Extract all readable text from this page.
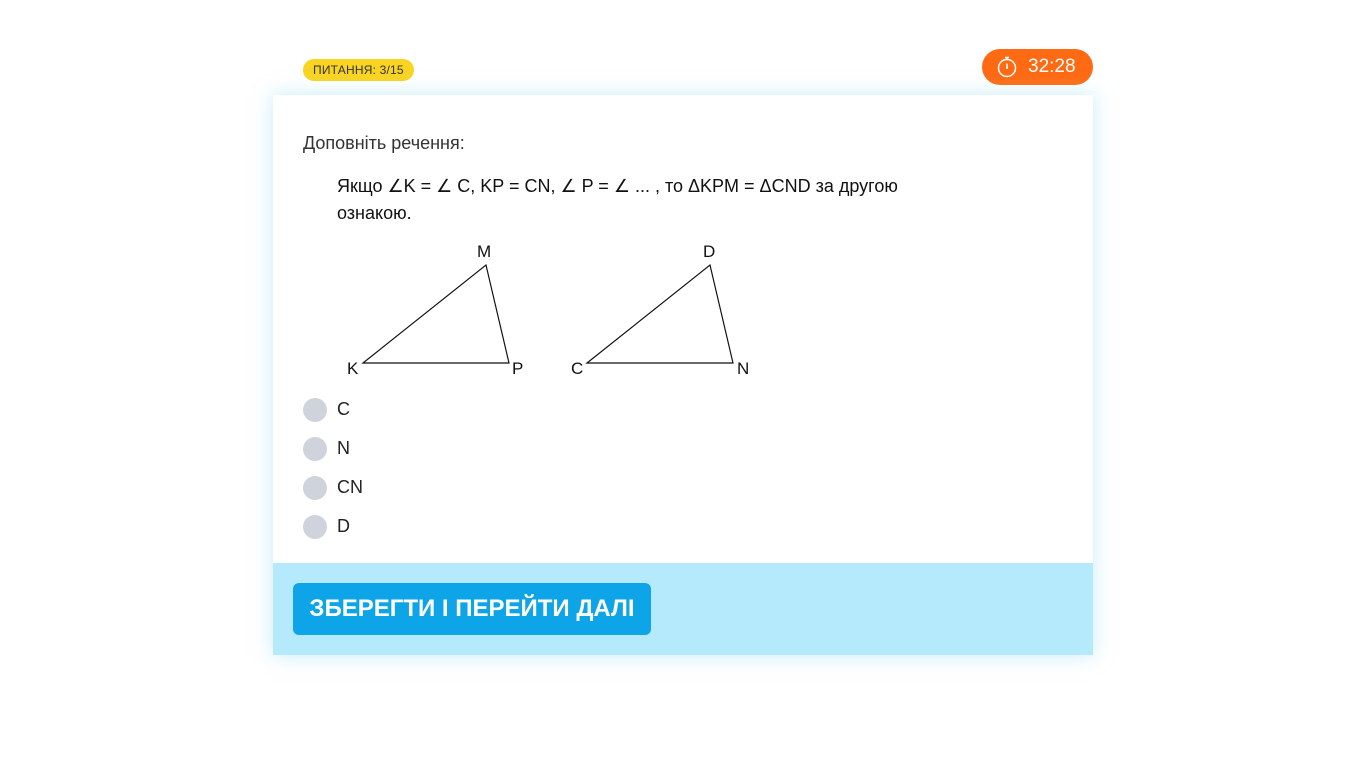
ПИТАННЯ: 3/15	32:28
Доповніть речення:
Якщо ∠K = ∠ C, KP = CN, ∠ P = ∠ ... , то ΔKPM = ΔCND за другою ознакою.
M
K	P
D
C	N
C
N
CN
D
ЗБЕРЕГТИ І ПЕРЕЙТИ ДАЛІ
